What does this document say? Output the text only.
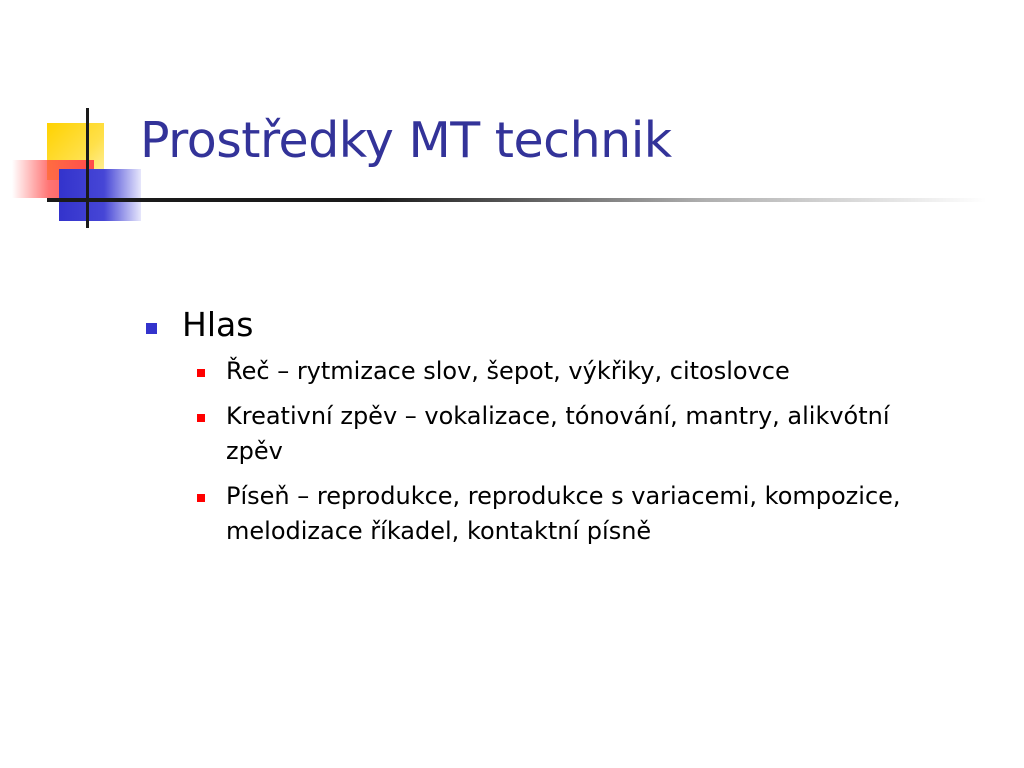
Prostředky MT technik
Hlas
Řeč – rytmizace slov, šepot, výkřiky, citoslovce
Kreativní zpěv – vokalizace, tónování, mantry, alikvótní zpěv
Píseň – reprodukce, reprodukce s variacemi, kompozice, melodizace říkadel, kontaktní písně
